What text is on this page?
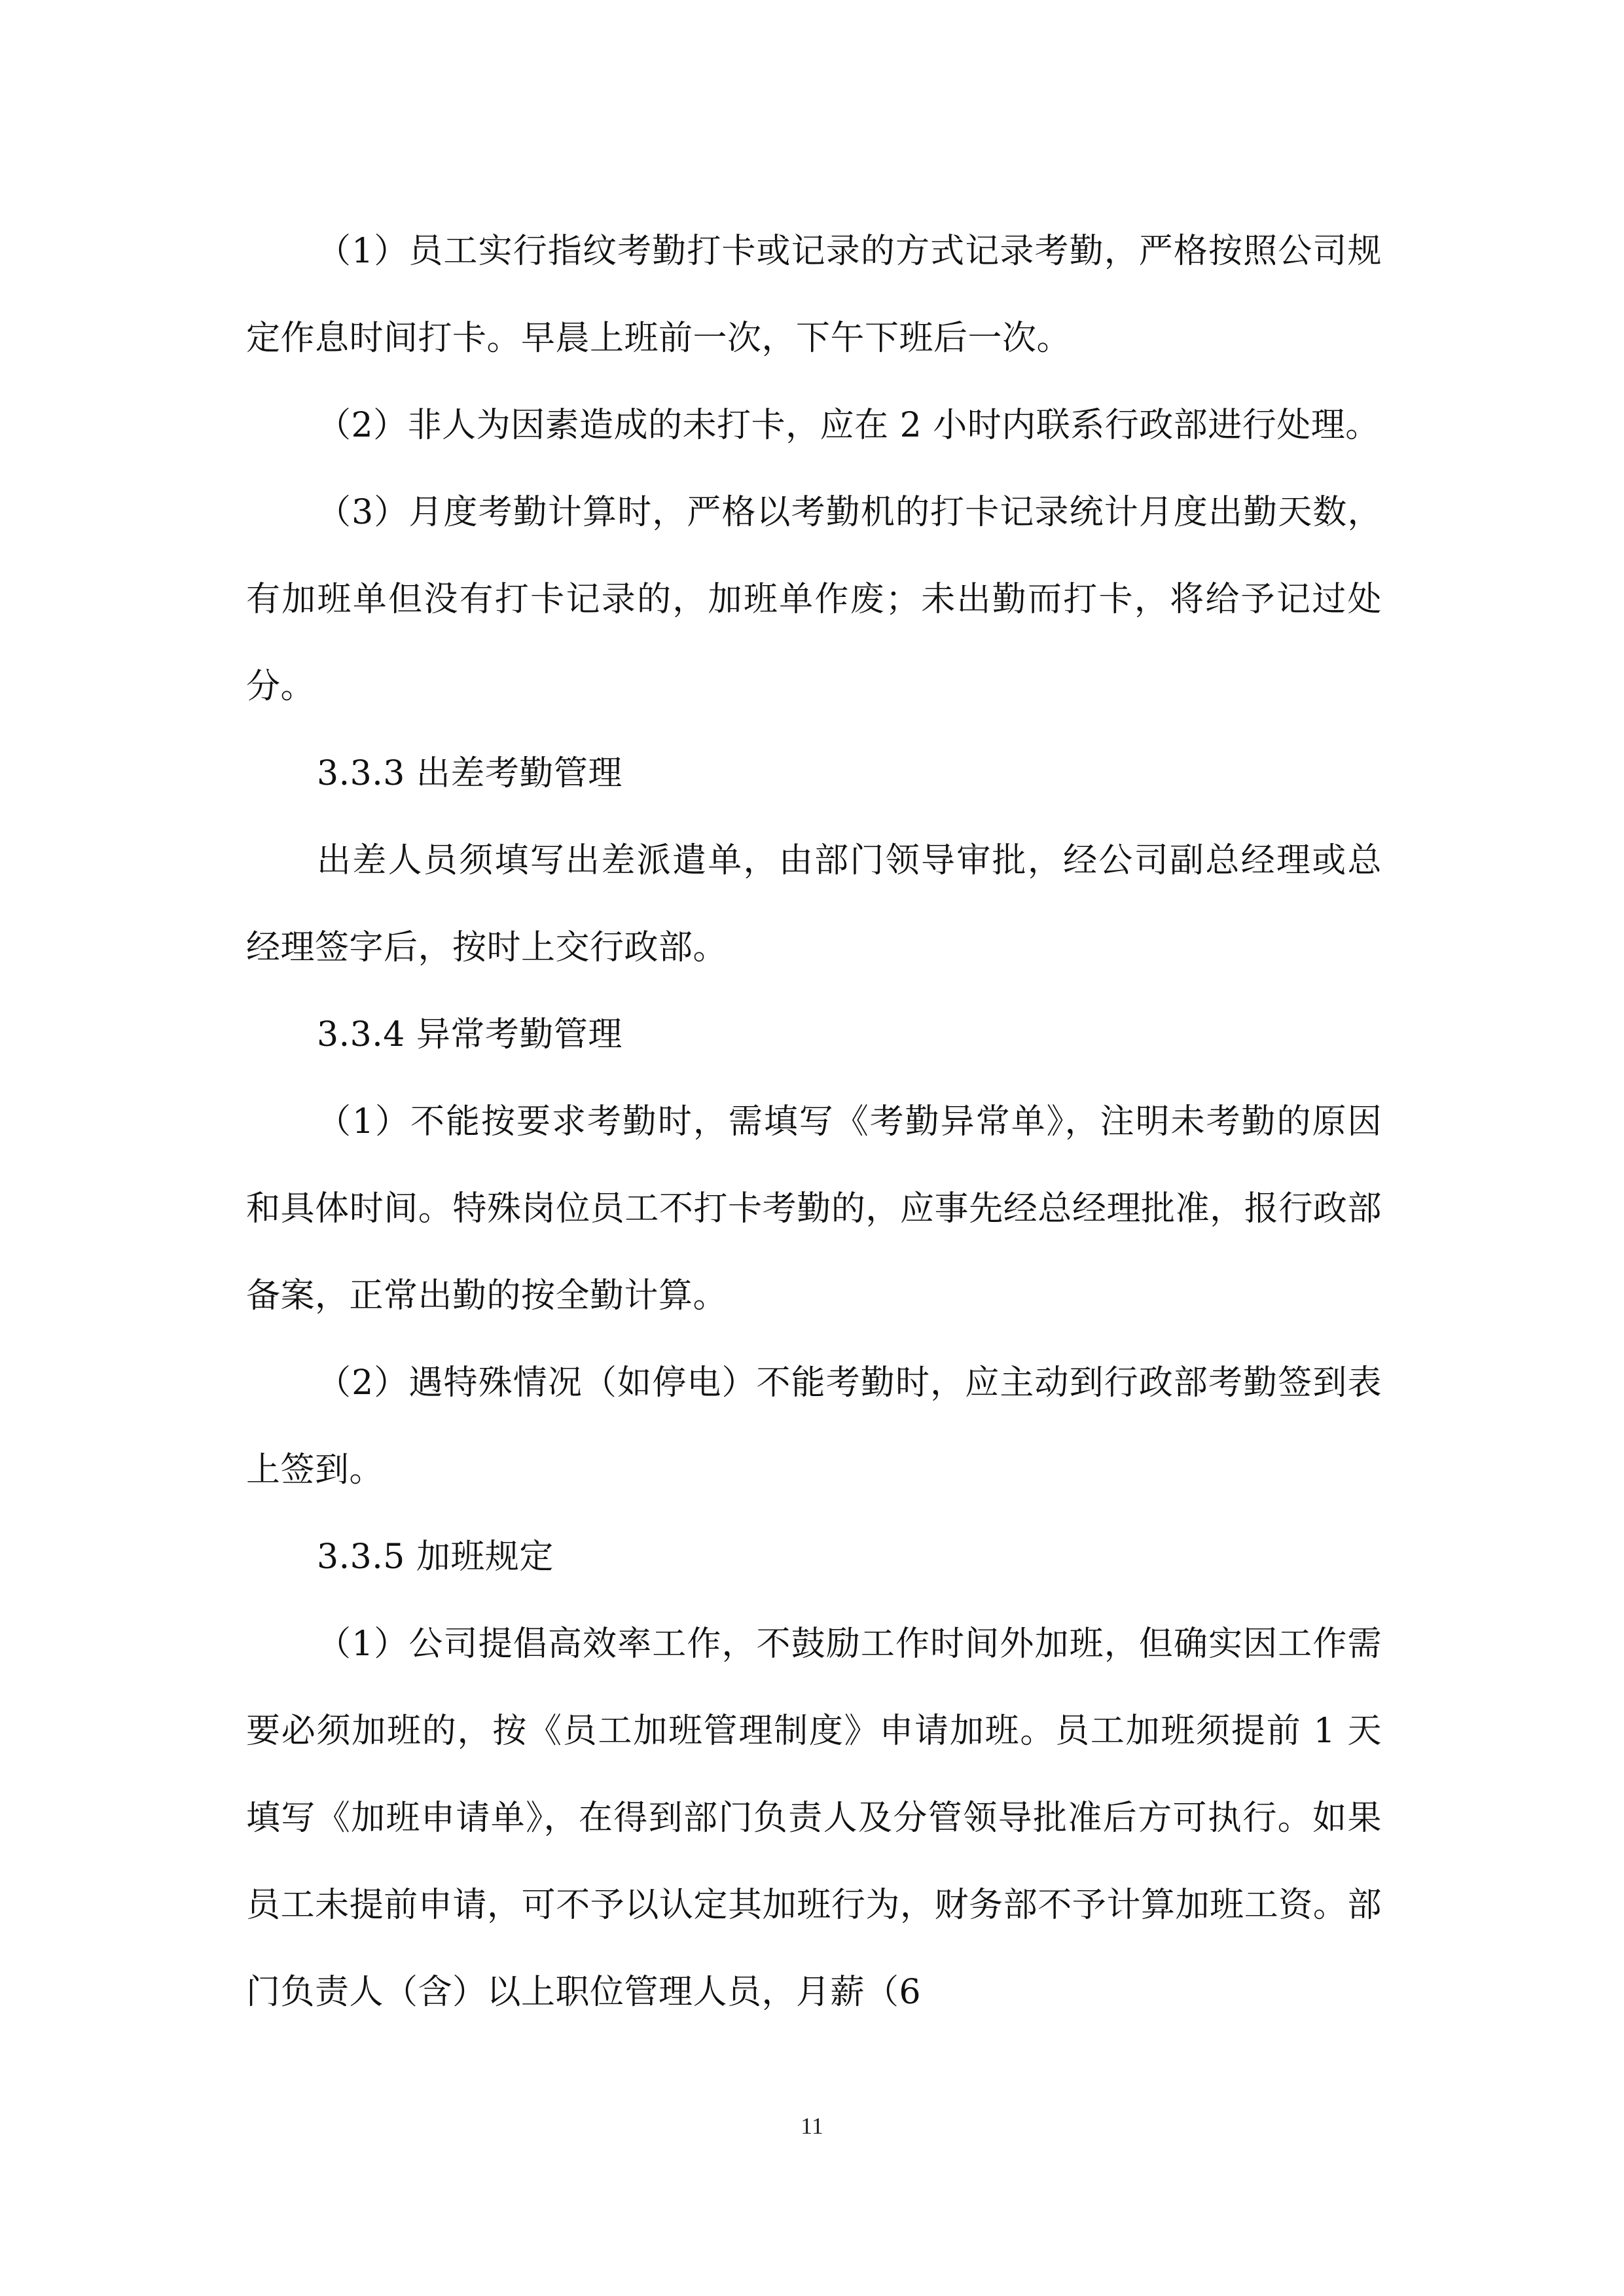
（1）员工实行指纹考勤打卡或记录的方式记录考勤，严格按照公司规定作息时间打卡。早晨上班前一次，下午下班后一次。

（2）非人为因素造成的未打卡，应在 2 小时内联系行政部进行处理。

（3）月度考勤计算时，严格以考勤机的打卡记录统计月度出勤天数，有加班单但没有打卡记录的，加班单作废；未出勤而打卡，将给予记过处分。

3.3.3 出差考勤管理

出差人员须填写出差派遣单，由部门领导审批，经公司副总经理或总经理签字后，按时上交行政部。

3.3.4 异常考勤管理

（1）不能按要求考勤时，需填写《考勤异常单》，注明未考勤的原因和具体时间。特殊岗位员工不打卡考勤的，应事先经总经理批准，报行政部备案，正常出勤的按全勤计算。

（2）遇特殊情况（如停电）不能考勤时，应主动到行政部考勤签到表上签到。

3.3.5 加班规定

（1）公司提倡高效率工作，不鼓励工作时间外加班，但确实因工作需要必须加班的，按《员工加班管理制度》申请加班。员工加班须提前 1 天填写《加班申请单》，在得到部门负责人及分管领导批准后方可执行。如果员工未提前申请，可不予以认定其加班行为，财务部不予计算加班工资。部门负责人（含）以上职位管理人员，月薪（6

11
